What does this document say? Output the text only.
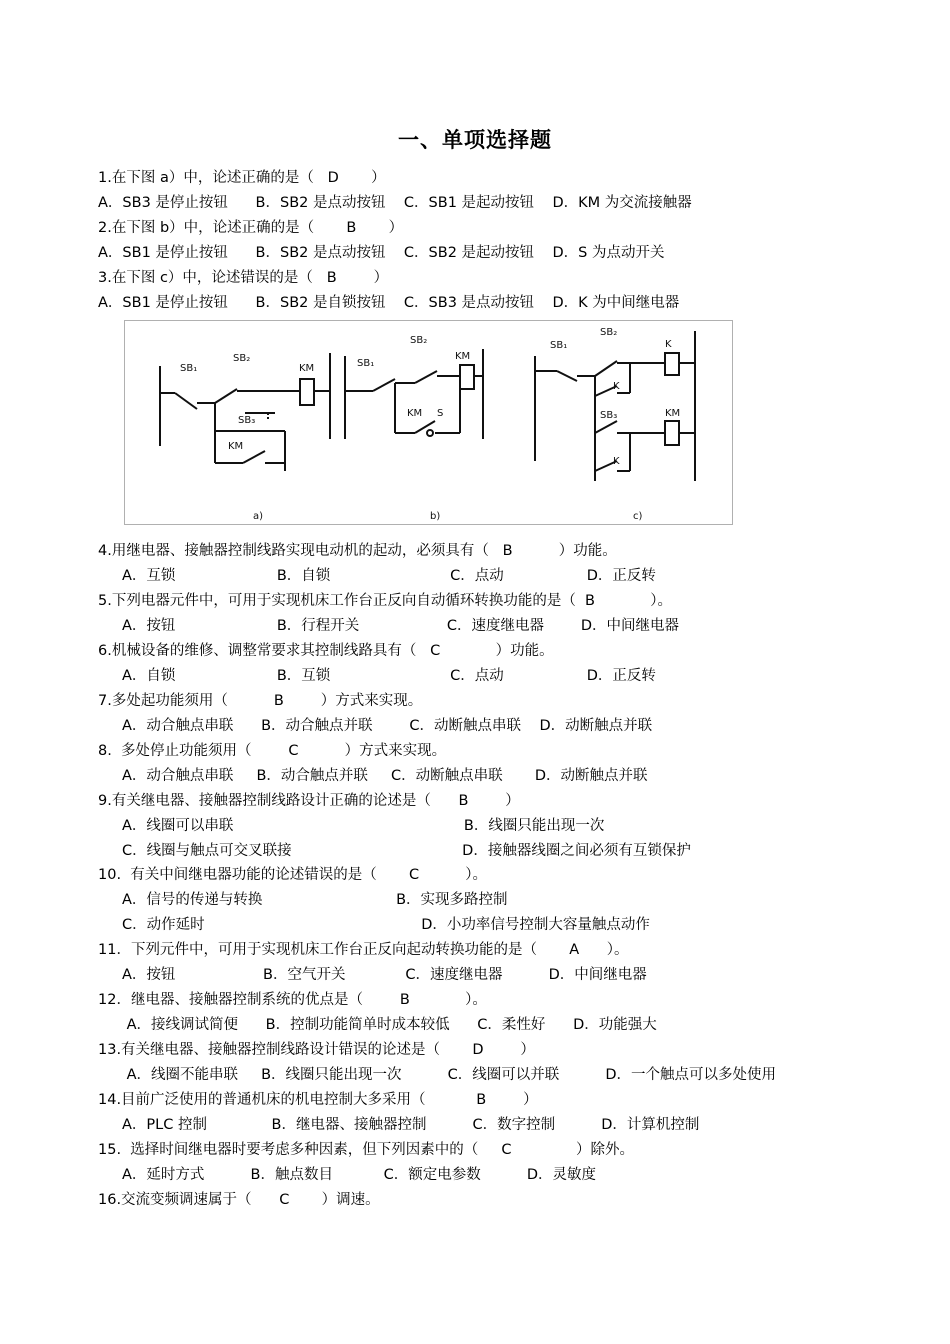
一、单项选择题
1.在下图 a）中，论述正确的是（   D       ）
A．SB3 是停止按钮      B．SB2 是点动按钮    C．SB1 是起动按钮    D．KM 为交流接触器
2.在下图 b）中，论述正确的是（       B       ）
A．SB1 是停止按钮      B．SB2 是点动按钮    C．SB2 是起动按钮    D．S 为点动开关
3.在下图 c）中，论述错误的是（   B        ）
A．SB1 是停止按钮      B．SB2 是自锁按钮    C．SB3 是点动按钮    D．K 为中间继电器
SB₁
SB₂
SB₃
KM
KM	SB₁
SB₂
KM S
KM
SB₁
SB₂
K
SB₃
K
KM
K
a)	b)	c)
4.用继电器、接触器控制线路实现电动机的起动，必须具有（   B          ）功能。
A．互锁                      B．自锁                          C．点动                  D．正反转
5.下列电器元件中，可用于实现机床工作台正反向自动循环转换功能的是（  B            ）。
A．按钮                      B．行程开关                   C．速度继电器        D．中间继电器
6.机械设备的维修、调整常要求其控制线路具有（   C            ）功能。
A．自锁                      B．互锁                          C．点动                  D．正反转
7.多处起功能须用（          B        ）方式来实现。
A．动合触点串联      B．动合触点并联        C．动断触点串联    D．动断触点并联
8.  多处停止功能须用（        C          ）方式来实现。
A．动合触点串联     B．动合触点并联     C．动断触点串联       D．动断触点并联
9.有关继电器、接触器控制线路设计正确的论述是（      B        ）
A．线圈可以串联                                                  B．线圈只能出现一次
C．线圈与触点可交叉联接                                     D．接触器线圈之间必须有互锁保护
10.  有关中间继电器功能的论述错误的是（       C          ）。
A．信号的传递与转换                             B．实现多路控制
C．动作延时                                               D．小功率信号控制大容量触点动作
11．下列元件中，可用于实现机床工作台正反向起动转换功能的是（       A      ）。
A．按钮                   B．空气开关             C．速度继电器          D．中间继电器
12．继电器、接触器控制系统的优点是（        B            ）。
A．接线调试简便      B．控制功能简单时成本较低      C．柔性好      D．功能强大
13.有关继电器、接触器控制线路设计错误的论述是（       D        ）
A．线圈不能串联     B．线圈只能出现一次          C．线圈可以并联          D．一个触点可以多处使用
14.目前广泛使用的普通机床的机电控制大多采用（           B        ）
A．PLC 控制              B．继电器、接触器控制          C．数字控制          D．计算机控制
15.  选择时间继电器时要考虑多种因素，但下列因素中的（     C              ）除外。
A．延时方式          B．触点数目           C．额定电参数          D．灵敏度
16.交流变频调速属于（      C       ）调速。
